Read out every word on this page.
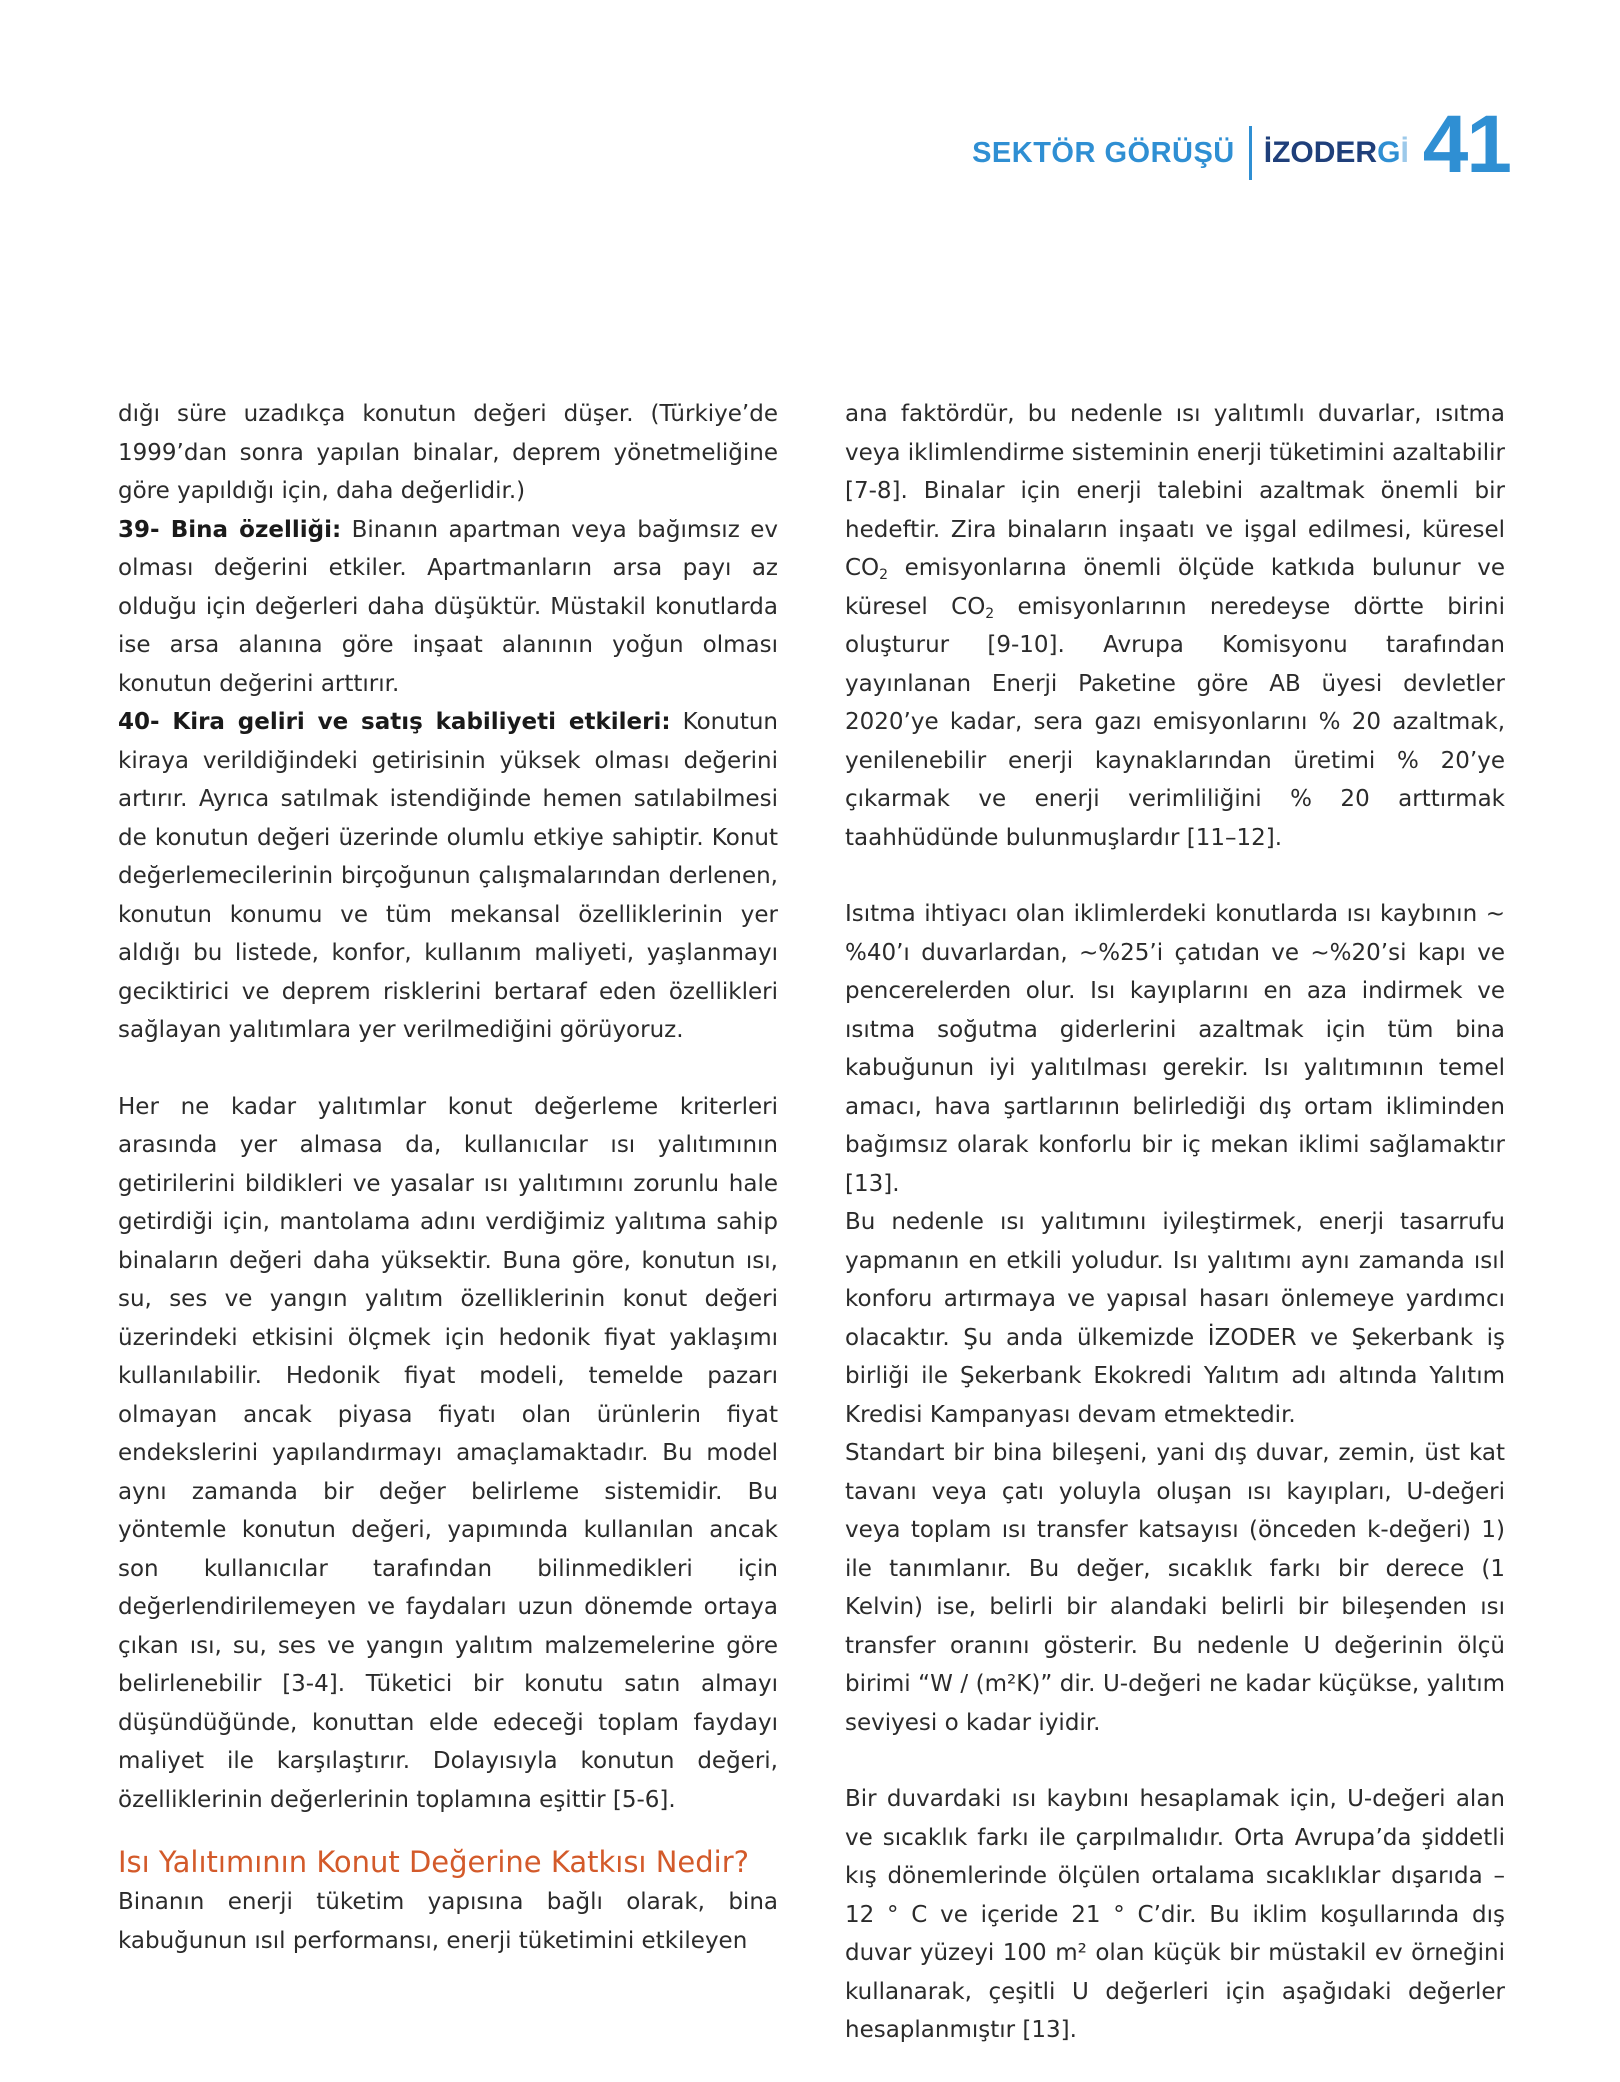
SEKTÖR GÖRÜŞÜ İZODERGİ 41

dığı süre uzadıkça konutun değeri düşer. (Türkiye’de 1999’dan sonra yapılan binalar, deprem yönetmeliğine göre yapıldığı için, daha değerlidir.)

39- Bina özelliği: Binanın apartman veya bağımsız ev olması değerini etkiler. Apartmanların arsa payı az olduğu için değerleri daha düşüktür. Müstakil konutlarda ise arsa alanına göre inşaat alanının yoğun olması konutun değerini arttırır.

40- Kira geliri ve satış kabiliyeti etkileri: Konutun kiraya verildiğindeki getirisinin yüksek olması değerini artırır. Ayrıca satılmak istendiğinde hemen satılabilmesi de konutun değeri üzerinde olumlu etkiye sahiptir. Konut değerlemecilerinin birçoğunun çalışmalarından derlenen, konutun konumu ve tüm mekansal özelliklerinin yer aldığı bu listede, konfor, kullanım maliyeti, yaşlanmayı geciktirici ve deprem risklerini bertaraf eden özellikleri sağlayan yalıtımlara yer verilmediğini görüyoruz.

Her ne kadar yalıtımlar konut değerleme kriterleri arasında yer almasa da, kullanıcılar ısı yalıtımının getirilerini bildikleri ve yasalar ısı yalıtımını zorunlu hale getirdiği için, mantolama adını verdiğimiz yalıtıma sahip binaların değeri daha yüksektir. Buna göre, konutun ısı, su, ses ve yangın yalıtım özelliklerinin konut değeri üzerindeki etkisini ölçmek için hedonik fiyat yaklaşımı kullanılabilir. Hedonik fiyat modeli, temelde pazarı olmayan ancak piyasa fiyatı olan ürünlerin fiyat endekslerini yapılandırmayı amaçlamaktadır. Bu model aynı zamanda bir değer belirleme sistemidir. Bu yöntemle konutun değeri, yapımında kullanılan ancak son kullanıcılar tarafından bilinmedikleri için değerlendirilemeyen ve faydaları uzun dönemde ortaya çıkan ısı, su, ses ve yangın yalıtım malzemelerine göre belirlenebilir [3-4]. Tüketici bir konutu satın almayı düşündüğünde, konuttan elde edeceği toplam faydayı maliyet ile karşılaştırır. Dolayısıyla konutun değeri, özelliklerinin değerlerinin toplamına eşittir [5-6].

Isı Yalıtımının Konut Değerine Katkısı Nedir?

Binanın enerji tüketim yapısına bağlı olarak, bina kabuğunun ısıl performansı, enerji tüketimini etkileyen

ana faktördür, bu nedenle ısı yalıtımlı duvarlar, ısıtma veya iklimlendirme sisteminin enerji tüketimini azaltabilir [7-8]. Binalar için enerji talebini azaltmak önemli bir hedeftir. Zira binaların inşaatı ve işgal edilmesi, küresel $CO_2$ emisyonlarına önemli ölçüde katkıda bulunur ve küresel $CO_2$ emisyonlarının neredeyse dörtte birini oluşturur [9-10]. Avrupa Komisyonu tarafından yayınlanan Enerji Paketine göre AB üyesi devletler 2020’ye kadar, sera gazı emisyonlarını % 20 azaltmak, yenilenebilir enerji kaynaklarından üretimi % 20’ye çıkarmak ve enerji verimliliğini % 20 arttırmak taahhüdünde bulunmuşlardır [11–12].

Isıtma ihtiyacı olan iklimlerdeki konutlarda ısı kaybının ~ %40’ı duvarlardan, ~%25’i çatıdan ve ~%20’si kapı ve pencerelerden olur. Isı kayıplarını en aza indirmek ve ısıtma soğutma giderlerini azaltmak için tüm bina kabuğunun iyi yalıtılması gerekir. Isı yalıtımının temel amacı, hava şartlarının belirlediği dış ortam ikliminden bağımsız olarak konforlu bir iç mekan iklimi sağlamaktır [13].

Bu nedenle ısı yalıtımını iyileştirmek, enerji tasarrufu yapmanın en etkili yoludur. Isı yalıtımı aynı zamanda ısıl konforu artırmaya ve yapısal hasarı önlemeye yardımcı olacaktır. Şu anda ülkemizde İZODER ve Şekerbank iş birliği ile Şekerbank Ekokredi Yalıtım adı altında Yalıtım Kredisi Kampanyası devam etmektedir.

Standart bir bina bileşeni, yani dış duvar, zemin, üst kat tavanı veya çatı yoluyla oluşan ısı kayıpları, U-değeri veya toplam ısı transfer katsayısı (önceden k-değeri) 1) ile tanımlanır. Bu değer, sıcaklık farkı bir derece (1 Kelvin) ise, belirli bir alandaki belirli bir bileşenden ısı transfer oranını gösterir. Bu nedenle U değerinin ölçü birimi “W / (m²K)” dir. U-değeri ne kadar küçükse, yalıtım seviyesi o kadar iyidir.

Bir duvardaki ısı kaybını hesaplamak için, U-değeri alan ve sıcaklık farkı ile çarpılmalıdır. Orta Avrupa’da şiddetli kış dönemlerinde ölçülen ortalama sıcaklıklar dışarıda –12 ° C ve içeride 21 ° C’dir. Bu iklim koşullarında dış duvar yüzeyi 100 m² olan küçük bir müstakil ev örneğini kullanarak, çeşitli U değerleri için aşağıdaki değerler hesaplanmıştır [13].
